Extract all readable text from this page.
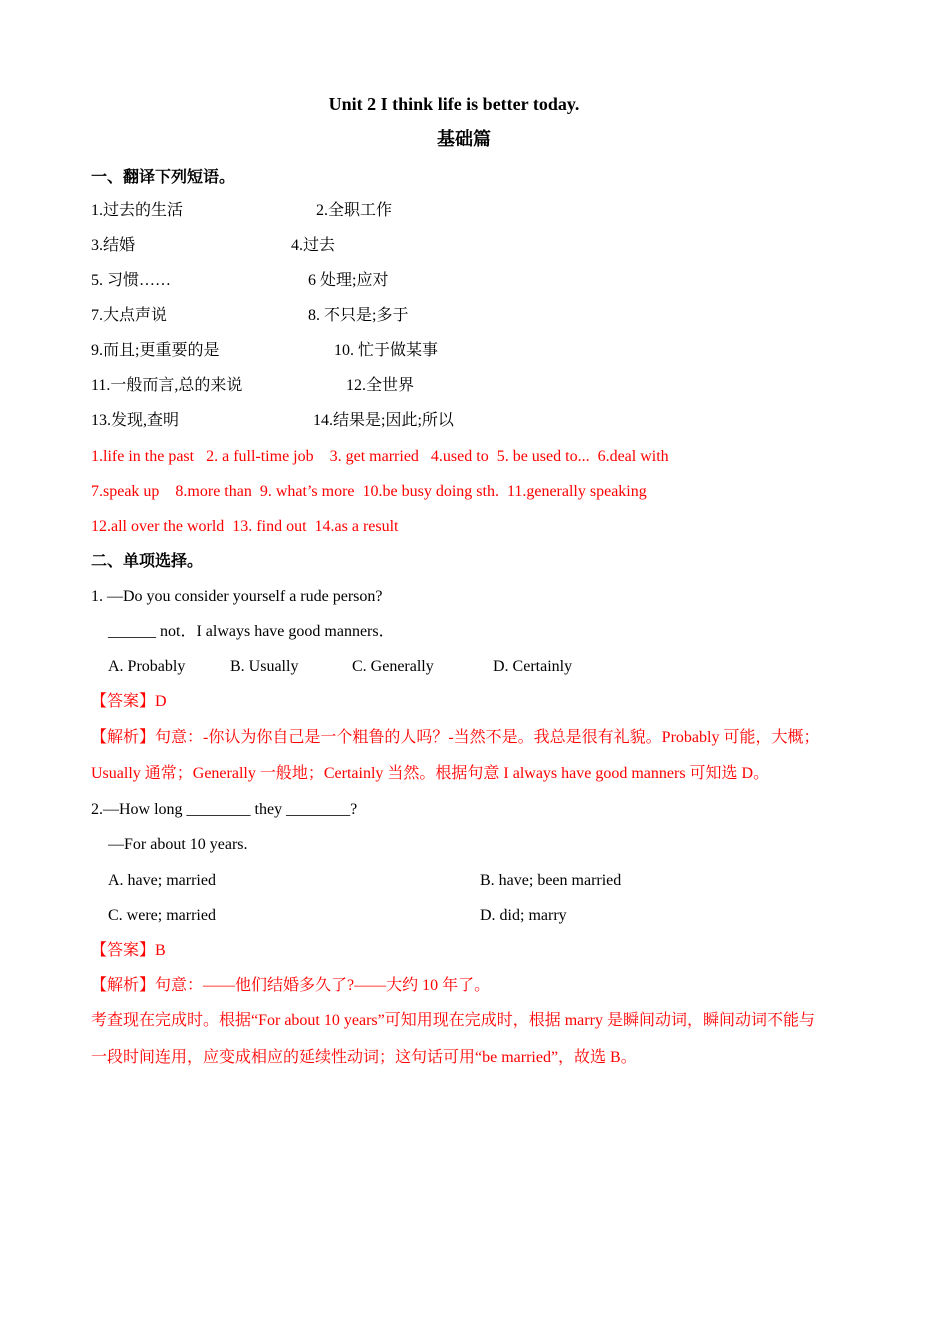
Unit 2 I think life is better today.
基础篇
一、翻译下列短语。
1.过去的生活	2.全职工作
3.结婚	4.过去
5. 习惯……	6 处理;应对
7.大点声说	8. 不只是;多于
9.而且;更重要的是	10. 忙于做某事
11.一般而言,总的来说	12.全世界
13.发现,查明	14.结果是;因此;所以
1.life in the past   2. a full-time job    3. get married   4.used to  5. be used to...  6.deal with
7.speak up    8.more than  9. what’s more  10.be busy doing sth.  11.generally speaking
12.all over the world  13. find out  14.as a result
二、单项选择。
1. —Do you consider yourself a rude person?
______ not．I always have good manners．
A. Probably	B. Usually	C. Generally	D. Certainly
【答案】D
【解析】句意：-你认为你自己是一个粗鲁的人吗？-当然不是。我总是很有礼貌。Probably 可能，大概；
Usually 通常；Generally 一般地；Certainly 当然。根据句意 I always have good manners 可知选 D。
2.—How long ________ they ________?
—For about 10 years.
A. have; married	B. have; been married
C. were; married	D. did; marry
【答案】B
【解析】句意：——他们结婚多久了?——大约 10 年了。
考查现在完成时。根据“For about 10 years”可知用现在完成时，根据 marry 是瞬间动词，瞬间动词不能与
一段时间连用，应变成相应的延续性动词；这句话可用“be married”，故选 B。
